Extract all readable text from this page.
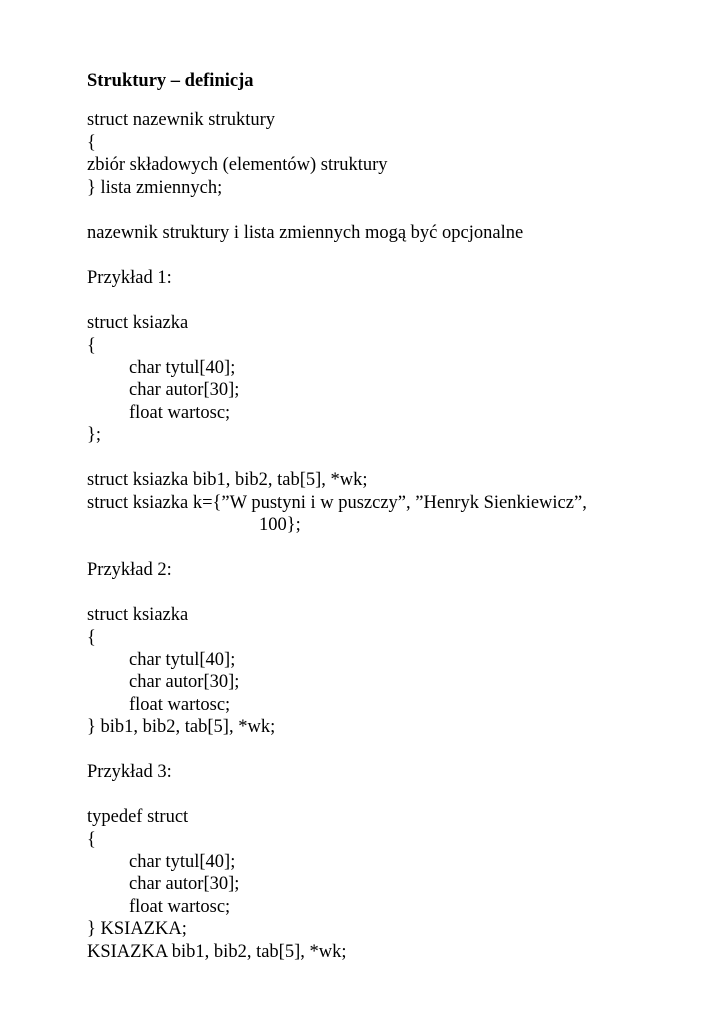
Struktury – definicja
struct nazewnik struktury
{
zbiór składowych (elementów) struktury
} lista zmiennych;
nazewnik struktury i lista zmiennych mogą być opcjonalne
Przykład 1:
struct ksiazka
{
char tytul[40];
char autor[30];
float wartosc;
};
struct ksiazka bib1, bib2, tab[5], *wk;
struct ksiazka k={”W pustyni i w puszczy”, ”Henryk Sienkiewicz”,
100};
Przykład 2:
struct ksiazka
{
char tytul[40];
char autor[30];
float wartosc;
} bib1, bib2, tab[5], *wk;
Przykład 3:
typedef struct
{
char tytul[40];
char autor[30];
float wartosc;
} KSIAZKA;
KSIAZKA bib1, bib2, tab[5], *wk;
